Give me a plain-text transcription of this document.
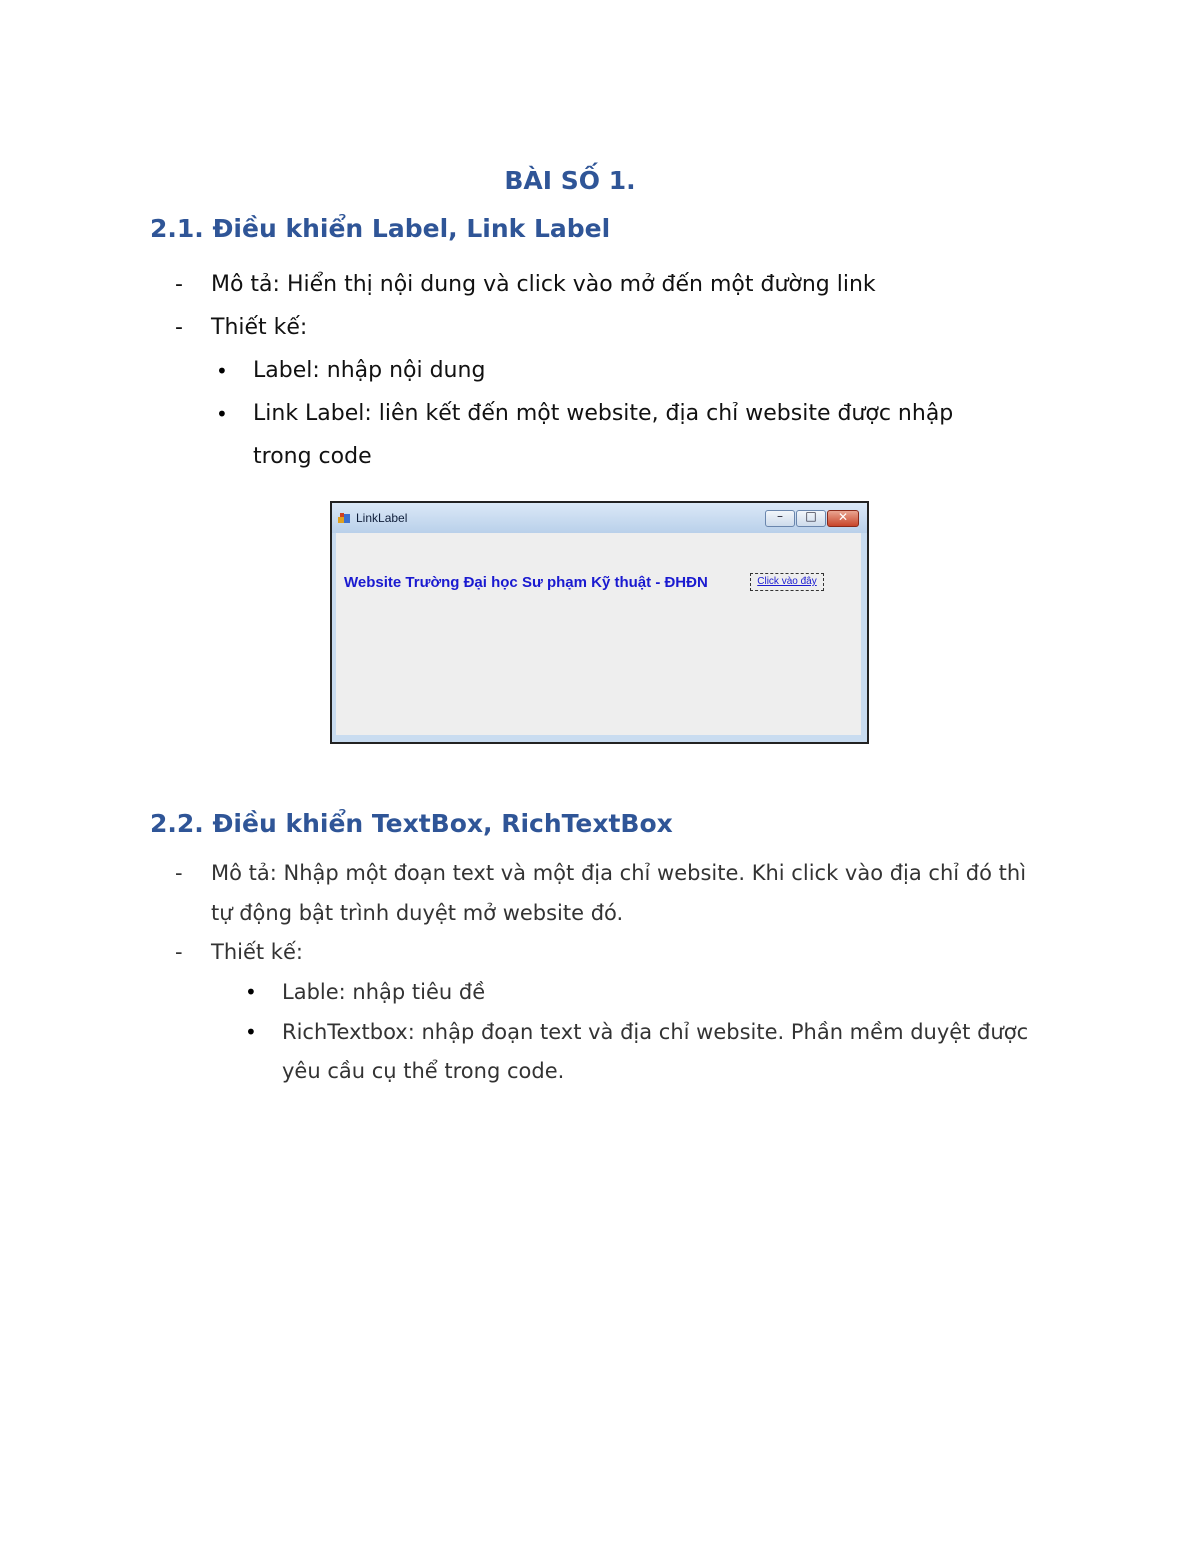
BÀI SỐ 1.
2.1. Điều khiển Label, Link Label
- Mô tả: Hiển thị nội dung và click vào mở đến một đường link
- Thiết kế:
• Label: nhập nội dung
• Link Label: liên kết đến một website, địa chỉ website được nhập
trong code
LinkLabel	–	□	✕
Website Trường Đại học Sư phạm Kỹ thuật - ĐHĐN	Click vào đây
2.2. Điều khiển TextBox, RichTextBox
- Mô tả: Nhập một đoạn text và một địa chỉ website. Khi click vào địa chỉ đó thì
tự động bật trình duyệt mở website đó.
- Thiết kế:
• Lable: nhập tiêu đề
• RichTextbox: nhập đoạn text và địa chỉ website. Phần mềm duyệt được
yêu cầu cụ thể trong code.
